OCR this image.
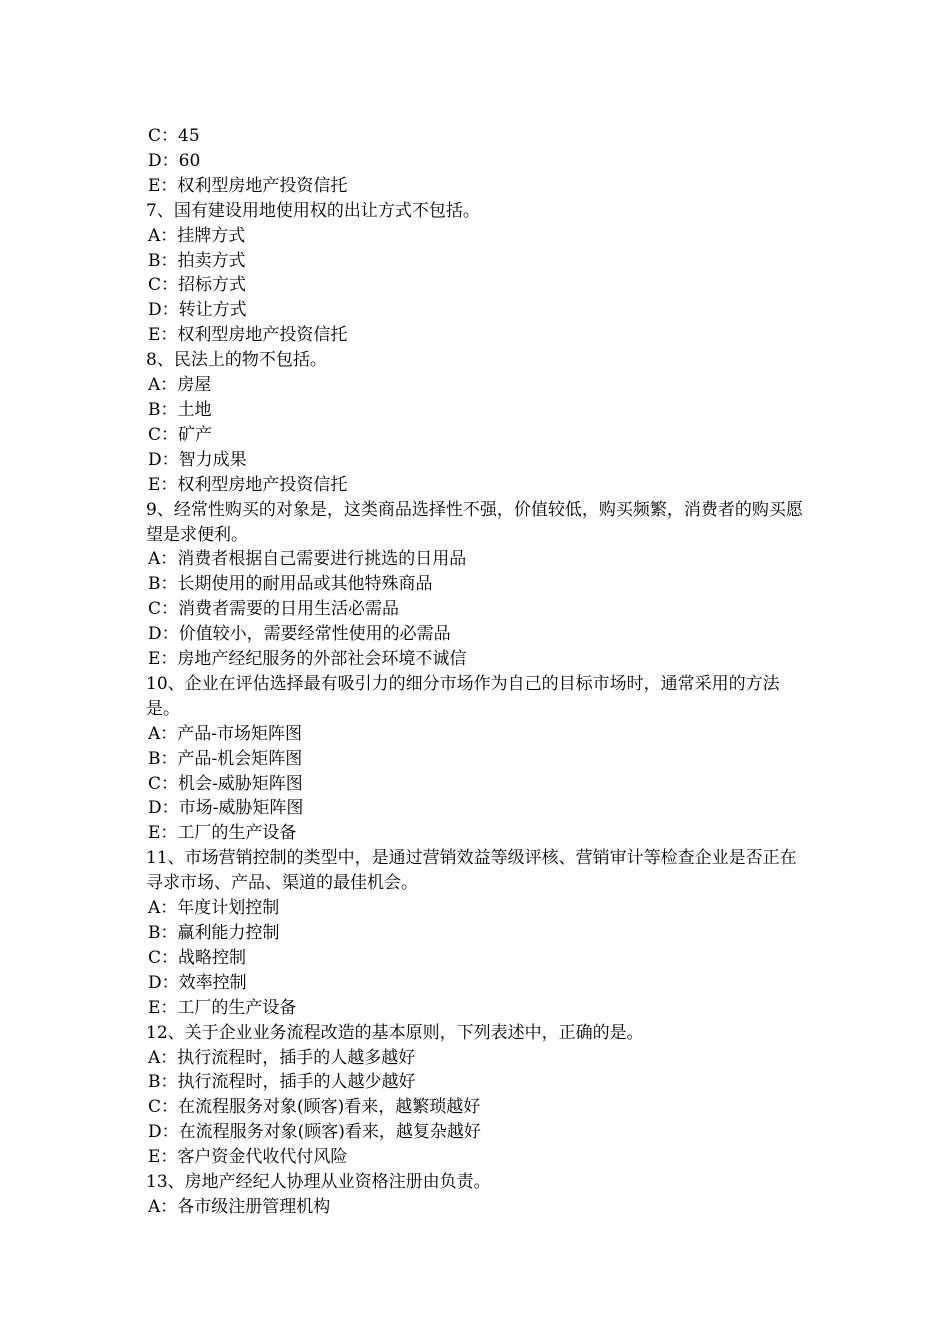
C：45
D：60
E：权利型房地产投资信托
7、国有建设用地使用权的出让方式不包括。
A：挂牌方式
B：拍卖方式
C：招标方式
D：转让方式
E：权利型房地产投资信托
8、民法上的物不包括。
A：房屋
B：土地
C：矿产
D：智力成果
E：权利型房地产投资信托
9、经常性购买的对象是，这类商品选择性不强，价值较低，购买频繁，消费者的购买愿望是求便利。
A：消费者根据自己需要进行挑选的日用品
B：长期使用的耐用品或其他特殊商品
C：消费者需要的日用生活必需品
D：价值较小，需要经常性使用的必需品
E：房地产经纪服务的外部社会环境不诚信
10、企业在评估选择最有吸引力的细分市场作为自己的目标市场时，通常采用的方法是。
A：产品-市场矩阵图
B：产品-机会矩阵图
C：机会-威胁矩阵图
D：市场-威胁矩阵图
E：工厂的生产设备
11、市场营销控制的类型中，是通过营销效益等级评核、营销审计等检查企业是否正在寻求市场、产品、渠道的最佳机会。
A：年度计划控制
B：赢利能力控制
C：战略控制
D：效率控制
E：工厂的生产设备
12、关于企业业务流程改造的基本原则，下列表述中，正确的是。
A：执行流程时，插手的人越多越好
B：执行流程时，插手的人越少越好
C：在流程服务对象(顾客)看来，越繁琐越好
D：在流程服务对象(顾客)看来，越复杂越好
E：客户资金代收代付风险
13、房地产经纪人协理从业资格注册由负责。
A：各市级注册管理机构
